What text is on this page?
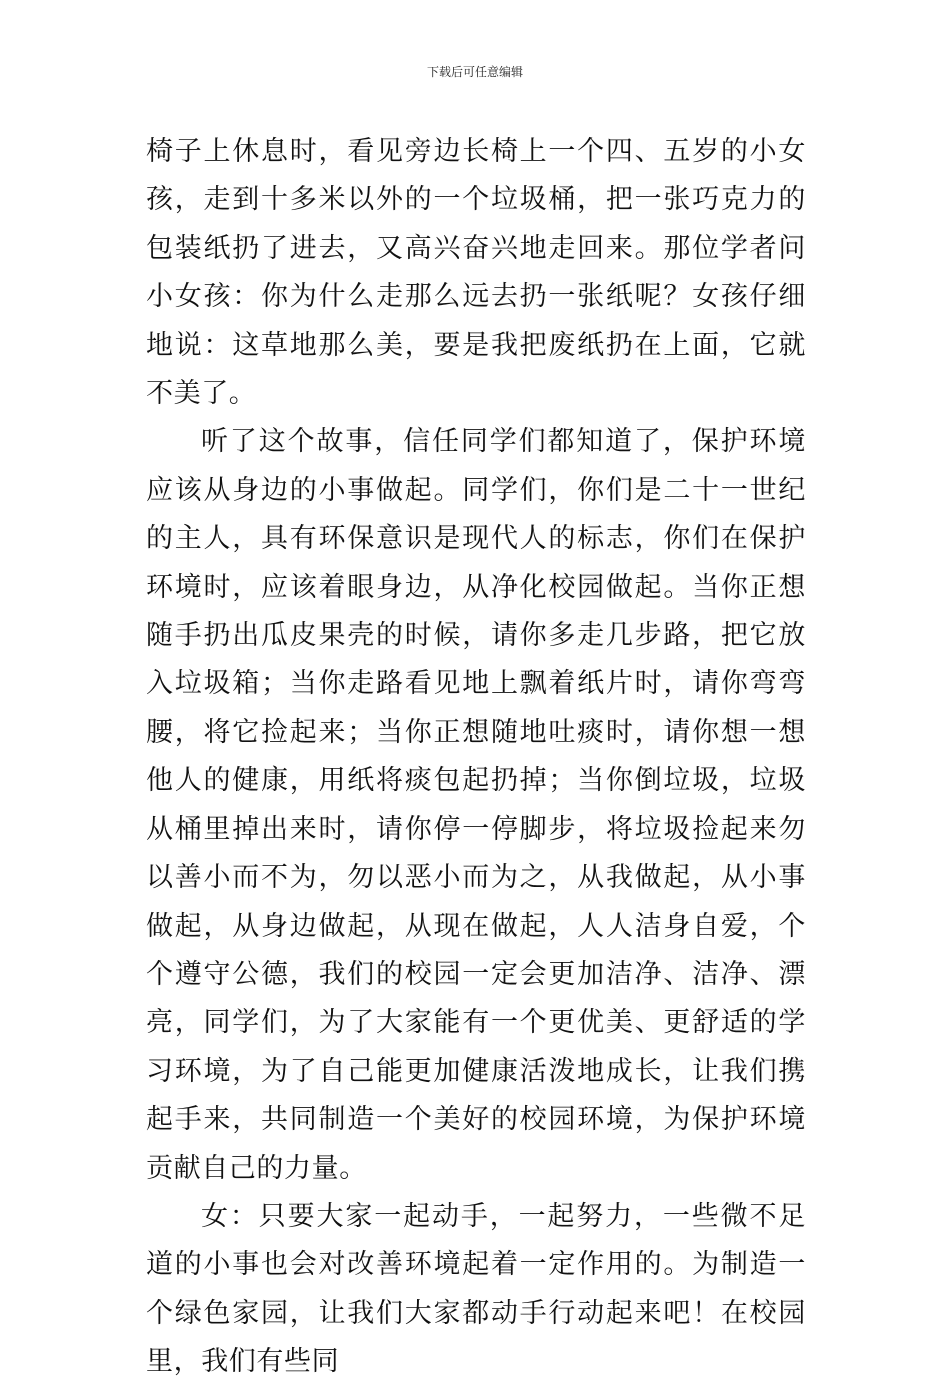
下载后可任意编辑

椅子上休息时，看见旁边长椅上一个四、五岁的小女孩，走到十多米以外的一个垃圾桶，把一张巧克力的包装纸扔了进去，又高兴奋兴地走回来。那位学者问小女孩：你为什么走那么远去扔一张纸呢？女孩仔细地说：这草地那么美，要是我把废纸扔在上面，它就不美了。

听了这个故事，信任同学们都知道了，保护环境应该从身边的小事做起。同学们，你们是二十一世纪的主人，具有环保意识是现代人的标志，你们在保护环境时，应该着眼身边，从净化校园做起。当你正想随手扔出瓜皮果壳的时候，请你多走几步路，把它放入垃圾箱；当你走路看见地上飘着纸片时，请你弯弯腰，将它捡起来；当你正想随地吐痰时，请你想一想他人的健康，用纸将痰包起扔掉；当你倒垃圾，垃圾从桶里掉出来时，请你停一停脚步，将垃圾捡起来勿以善小而不为，勿以恶小而为之，从我做起，从小事做起，从身边做起，从现在做起，人人洁身自爱，个个遵守公德，我们的校园一定会更加洁净、洁净、漂亮，同学们，为了大家能有一个更优美、更舒适的学习环境，为了自己能更加健康活泼地成长，让我们携起手来，共同制造一个美好的校园环境，为保护环境贡献自己的力量。

女：只要大家一起动手，一起努力，一些微不足道的小事也会对改善环境起着一定作用的。为制造一个绿色家园，让我们大家都动手行动起来吧！在校园里，我们有些同
